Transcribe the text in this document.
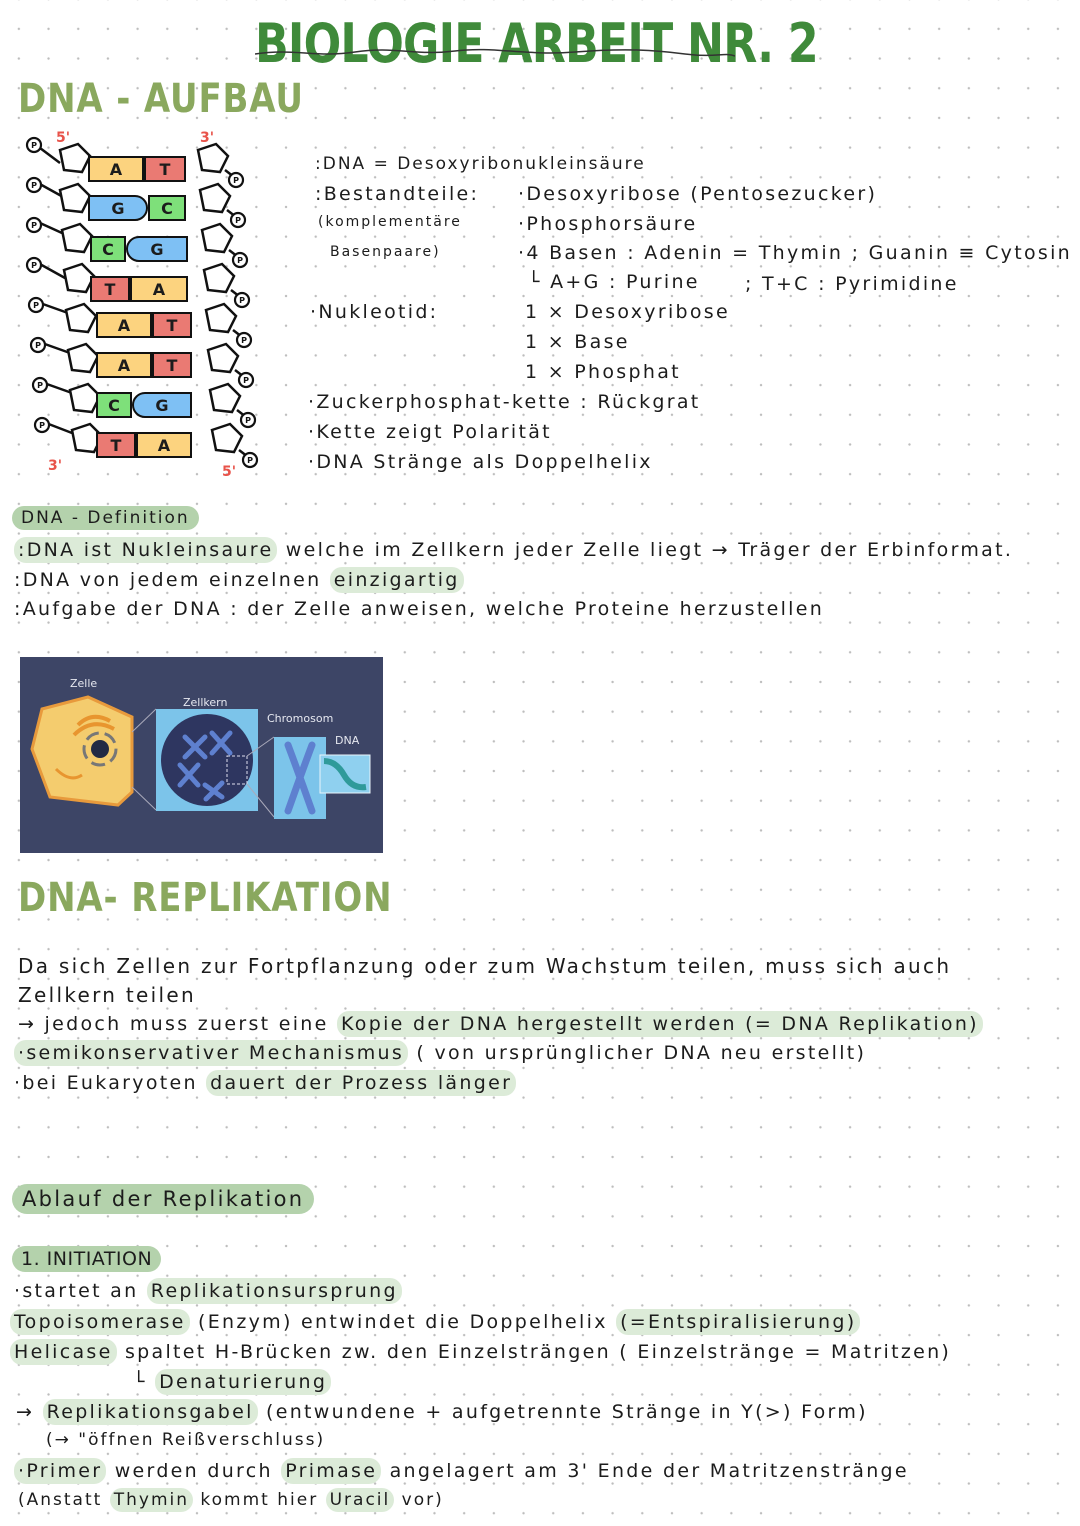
BIOLOGIE ARBEIT NR. 2
DNA - AUFBAU
P
P
P
P
P
P
P
P
P
P
P
P
P
P
P
P
5'	3'
3'	5'
A	T
G	C
C	G
T	A
A	T
A	T
C	G
T	A
:DNA = Desoxyribonukleinsäure
:Bestandteile:
(komplementäre
Basenpaare)
·Desoxyribose (Pentosezucker)
·Phosphorsäure
·4 Basen : Adenin = Thymin ; Guanin ≡ Cytosin
└ A+G : Purine ; T+C : Pyrimidine
·Nukleotid:	1 × Desoxyribose
1 × Base
1 × Phosphat
·Zuckerphosphat-kette : Rückgrat
·Kette zeigt Polarität
·DNA Stränge als Doppelhelix
DNA - Definition
:DNA ist Nukleinsaure welche im Zellkern jeder Zelle liegt → Träger der Erbinformat.
:DNA von jedem einzelnen einzigartig
:Aufgabe der DNA : der Zelle anweisen, welche Proteine herzustellen
Zelle
Zellkern
Chromosom
DNA
DNA- REPLIKATION
Da sich Zellen zur Fortpflanzung oder zum Wachstum teilen, muss sich auch
Zellkern teilen
→ jedoch muss zuerst eine Kopie der DNA hergestellt werden (= DNA Replikation)
·semikonservativer Mechanismus ( von ursprünglicher DNA neu erstellt)
·bei Eukaryoten dauert der Prozess länger
Ablauf der Replikation
1. INITIATION
·startet an Replikationsursprung
Topoisomerase (Enzym) entwindet die Doppelhelix (=Entspiralisierung)
Helicase spaltet H-Brücken zw. den Einzelsträngen ( Einzelstränge = Matritzen)
└ Denaturierung
→ Replikationsgabel (entwundene + aufgetrennte Stränge in Y(>) Form)
(→ "öffnen Reißverschluss)
·Primer werden durch Primase angelagert am 3' Ende der Matritzenstränge
(Anstatt Thymin kommt hier Uracil vor)
